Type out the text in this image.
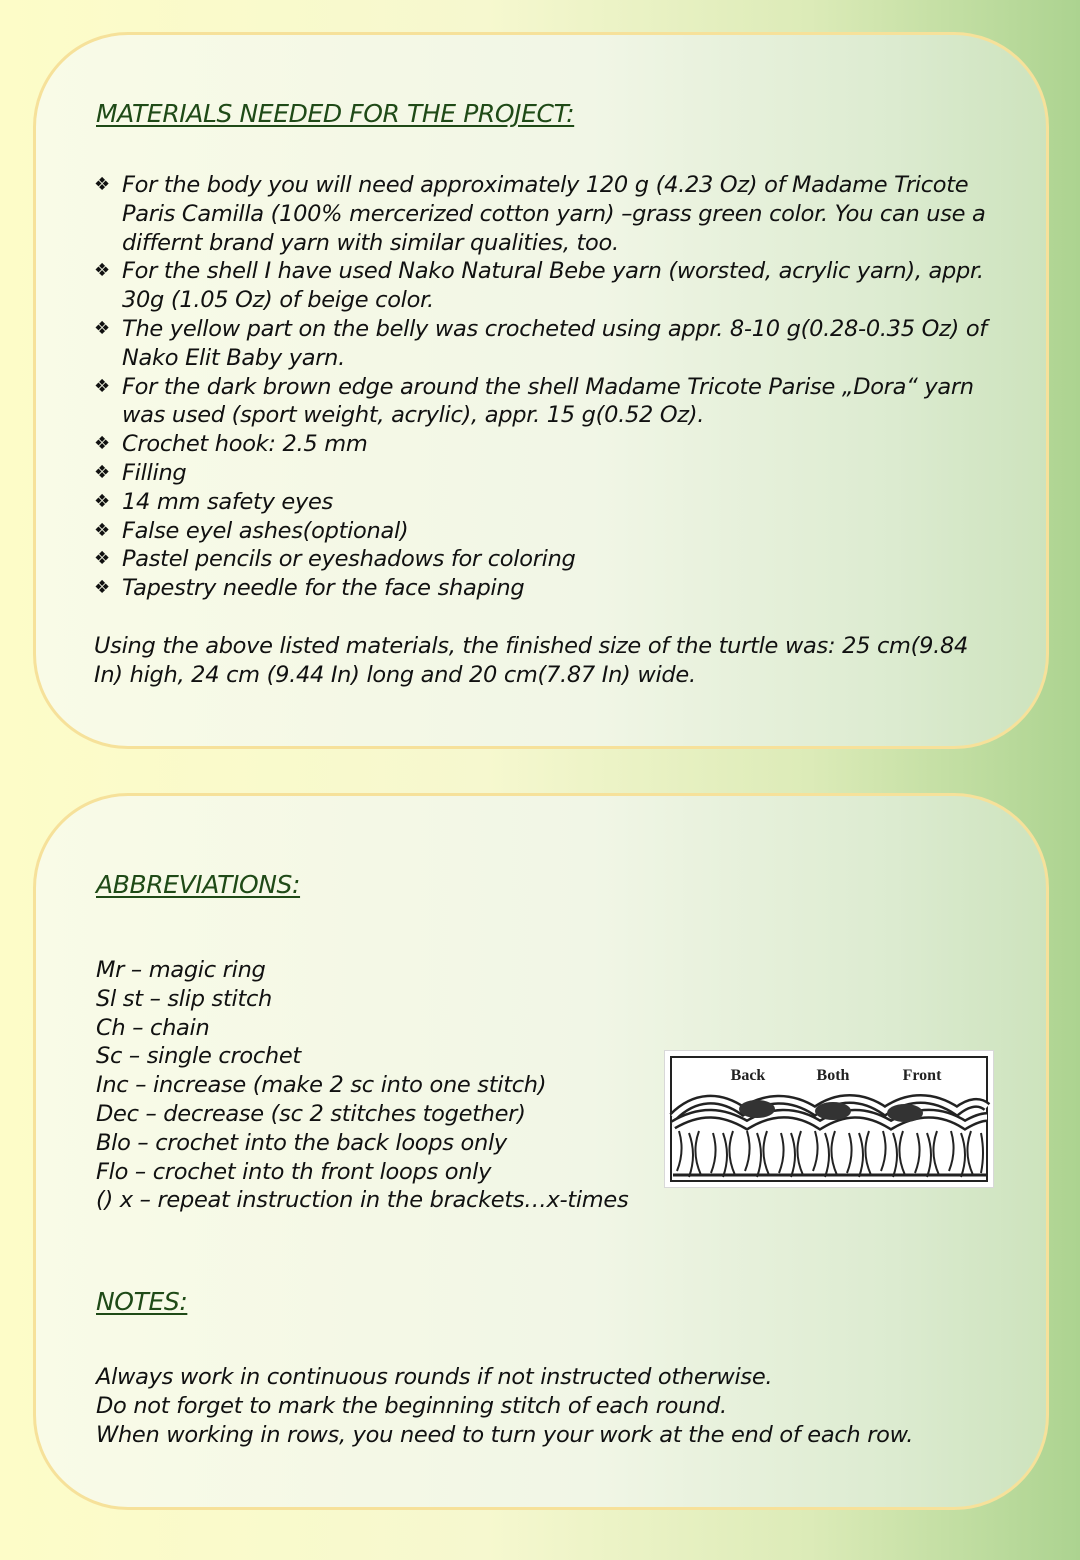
MATERIALS NEEDED FOR THE PROJECT:
❖ For the body you will need approximately 120 g (4.23 Oz) of Madame Tricote Paris Camilla (100% mercerized cotton yarn) –grass green color. You can use a differnt brand yarn with similar qualities, too.
❖ For the shell I have used Nako Natural Bebe yarn (worsted, acrylic yarn), appr. 30g (1.05 Oz) of beige color.
❖ The yellow part on the belly was crocheted using appr. 8-10 g(0.28-0.35 Oz) of Nako Elit Baby yarn.
❖ For the dark brown edge around the shell Madame Tricote Parise „Dora“ yarn was used (sport weight, acrylic), appr. 15 g(0.52 Oz).
❖ Crochet hook: 2.5 mm
❖ Filling
❖ 14 mm safety eyes
❖ False eyel ashes(optional)
❖ Pastel pencils or eyeshadows for coloring
❖ Tapestry needle for the face shaping

Using the above listed materials, the finished size of the turtle was: 25 cm(9.84 In) high, 24 cm (9.44 In) long and 20 cm(7.87 In) wide.

ABBREVIATIONS:
Mr – magic ring
Sl st – slip stitch
Ch – chain
Sc – single crochet
Inc – increase (make 2 sc into one stitch)
Dec – decrease (sc 2 stitches together)
Blo – crochet into the back loops only
Flo – crochet into th front loops only
() x – repeat instruction in the brackets…x-times
Back	Both	Front
NOTES:
Always work in continuous rounds if not instructed otherwise.
Do not forget to mark the beginning stitch of each round.
When working in rows, you need to turn your work at the end of each row.
